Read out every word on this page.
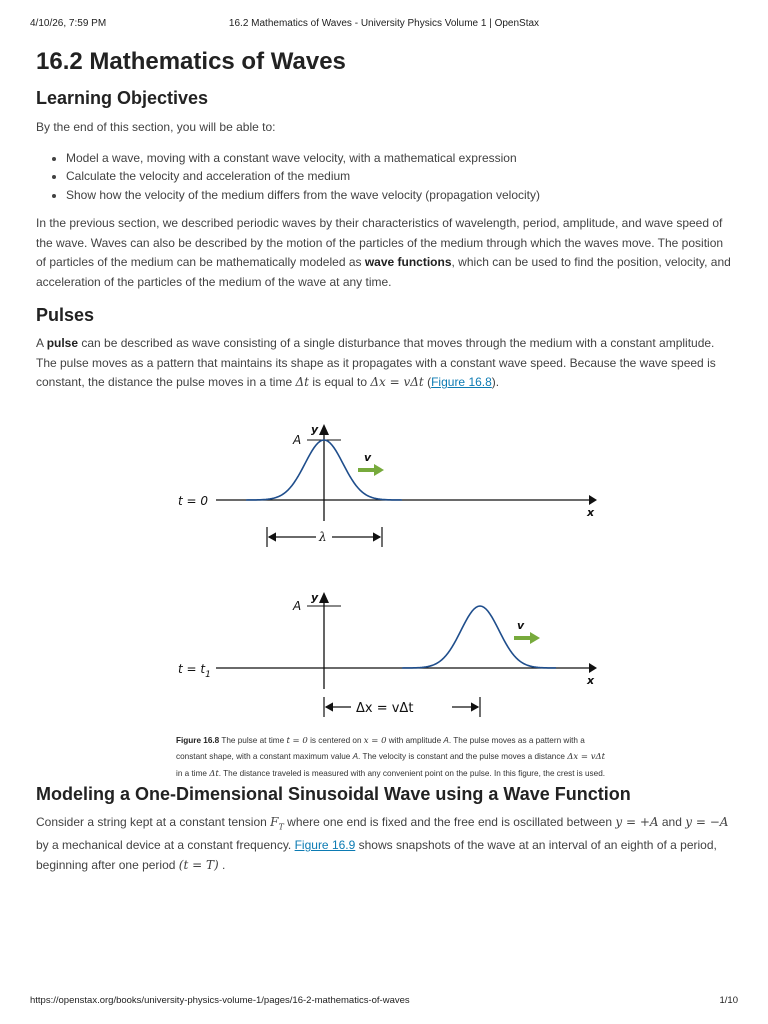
4/10/26, 7:59 PM	16.2 Mathematics of Waves - University Physics Volume 1 | OpenStax
16.2 Mathematics of Waves
Learning Objectives

By the end of this section, you will be able to:

• Model a wave, moving with a constant wave velocity, with a mathematical expression
• Calculate the velocity and acceleration of the medium
• Show how the velocity of the medium differs from the wave velocity (propagation velocity)

In the previous section, we described periodic waves by their characteristics of wavelength, period, amplitude, and wave speed of the wave. Waves can also be described by the motion of the particles of the medium through which the waves move. The position of particles of the medium can be mathematically modeled as wave functions, which can be used to find the position, velocity, and acceleration of the particles of the medium of the wave at any time.

Pulses

A pulse can be described as wave consisting of a single disturbance that moves through the medium with a constant amplitude. The pulse moves as a pattern that maintains its shape as it propagates with a constant wave speed. Because the wave speed is constant, the distance the pulse moves in a time Δt is equal to Δx = vΔt (Figure 16.8).

t = 0
y
x
A
v
λ
$t = t_1$
y
x
A
v
Δx = vΔt
Figure 16.8 The pulse at time t = 0 is centered on x = 0 with amplitude A. The pulse moves as a pattern with a constant shape, with a constant maximum value A. The velocity is constant and the pulse moves a distance Δx = vΔt in a time Δt. The distance traveled is measured with any convenient point on the pulse. In this figure, the crest is used.
Modeling a One-Dimensional Sinusoidal Wave using a Wave Function

Consider a string kept at a constant tension $F_T$ where one end is fixed and the free end is oscillated between y = +A and y = −A by a mechanical device at a constant frequency. Figure 16.9 shows snapshots of the wave at an interval of an eighth of a period, beginning after one period (t = T) .

https://openstax.org/books/university-physics-volume-1/pages/16-2-mathematics-of-waves	1/10
